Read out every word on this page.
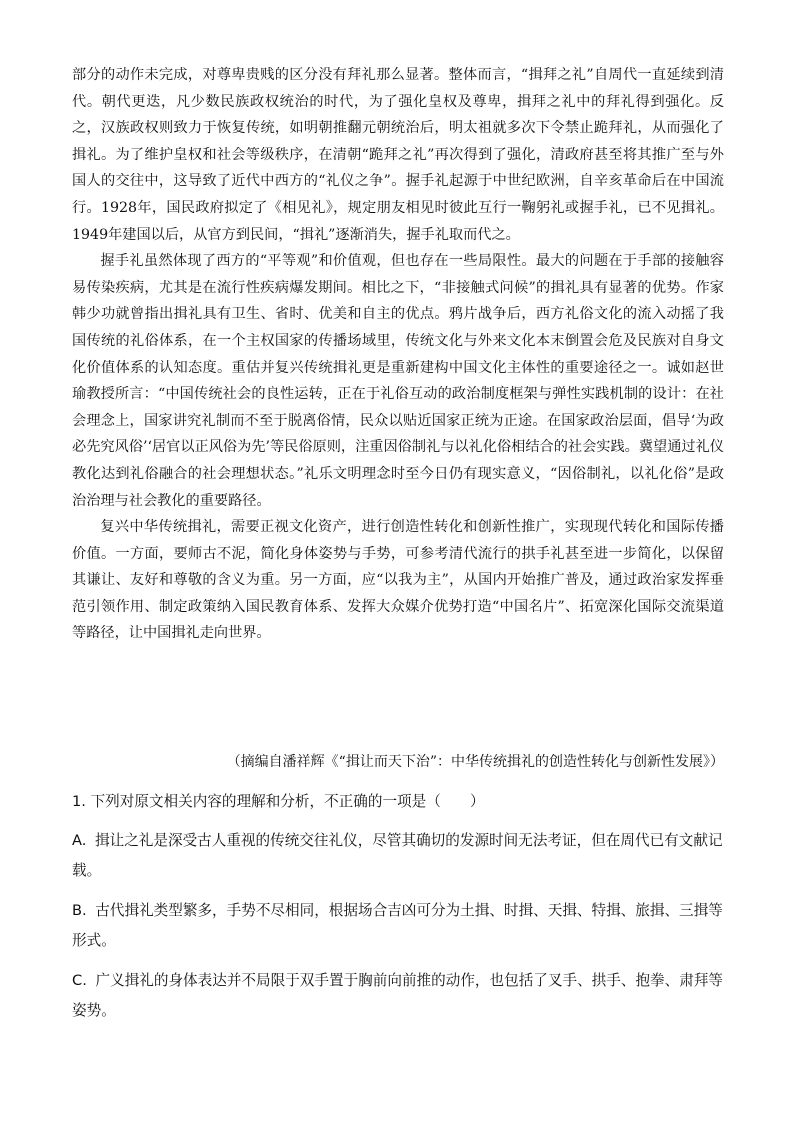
部分的动作未完成，对尊卑贵贱的区分没有拜礼那么显著。整体而言，“揖拜之礼”自周代一直延续到清代。朝代更迭，凡少数民族政权统治的时代，为了强化皇权及尊卑，揖拜之礼中的拜礼得到强化。反之，汉族政权则致力于恢复传统，如明朝推翻元朝统治后，明太祖就多次下令禁止跪拜礼，从而强化了揖礼。为了维护皇权和社会等级秩序，在清朝“跪拜之礼”再次得到了强化，清政府甚至将其推广至与外国人的交往中，这导致了近代中西方的“礼仪之争”。握手礼起源于中世纪欧洲，自辛亥革命后在中国流行。1928年，国民政府拟定了《相见礼》，规定朋友相见时彼此互行一鞠躬礼或握手礼，已不见揖礼。1949年建国以后，从官方到民间，“揖礼”逐渐消失，握手礼取而代之。

握手礼虽然体现了西方的“平等观”和价值观，但也存在一些局限性。最大的问题在于手部的接触容易传染疾病，尤其是在流行性疾病爆发期间。相比之下，“非接触式问候”的揖礼具有显著的优势。作家韩少功就曾指出揖礼具有卫生、省时、优美和自主的优点。鸦片战争后，西方礼俗文化的流入动摇了我国传统的礼俗体系，在一个主权国家的传播场域里，传统文化与外来文化本末倒置会危及民族对自身文化价值体系的认知态度。重估并复兴传统揖礼更是重新建构中国文化主体性的重要途径之一。诚如赵世瑜教授所言：“中国传统社会的良性运转，正在于礼俗互动的政治制度框架与弹性实践机制的设计：在社会理念上，国家讲究礼制而不至于脱离俗情，民众以贴近国家正统为正途。在国家政治层面，倡导‘为政必先究风俗’‘居官以正风俗为先’等民俗原则，注重因俗制礼与以礼化俗相结合的社会实践。冀望通过礼仪教化达到礼俗融合的社会理想状态。”礼乐文明理念时至今日仍有现实意义，“因俗制礼，以礼化俗”是政治治理与社会教化的重要路径。

复兴中华传统揖礼，需要正视文化资产，进行创造性转化和创新性推广，实现现代转化和国际传播价值。一方面，要师古不泥，简化身体姿势与手势，可参考清代流行的拱手礼甚至进一步简化，以保留其谦让、友好和尊敬的含义为重。另一方面，应“以我为主”，从国内开始推广普及，通过政治家发挥垂范引领作用、制定政策纳入国民教育体系、发挥大众媒介优势打造“中国名片”、拓宽深化国际交流渠道等路径，让中国揖礼走向世界。

（摘编自潘祥辉《“揖让而天下治”：中华传统揖礼的创造性转化与创新性发展》）

1. 下列对原文相关内容的理解和分析，不正确的一项是（　　）

A. 揖让之礼是深受古人重视的传统交往礼仪，尽管其确切的发源时间无法考证，但在周代已有文献记载。

B. 古代揖礼类型繁多，手势不尽相同，根据场合吉凶可分为土揖、时揖、天揖、特揖、旅揖、三揖等形式。

C. 广义揖礼的身体表达并不局限于双手置于胸前向前推的动作，也包括了叉手、拱手、抱拳、肃拜等姿势。
